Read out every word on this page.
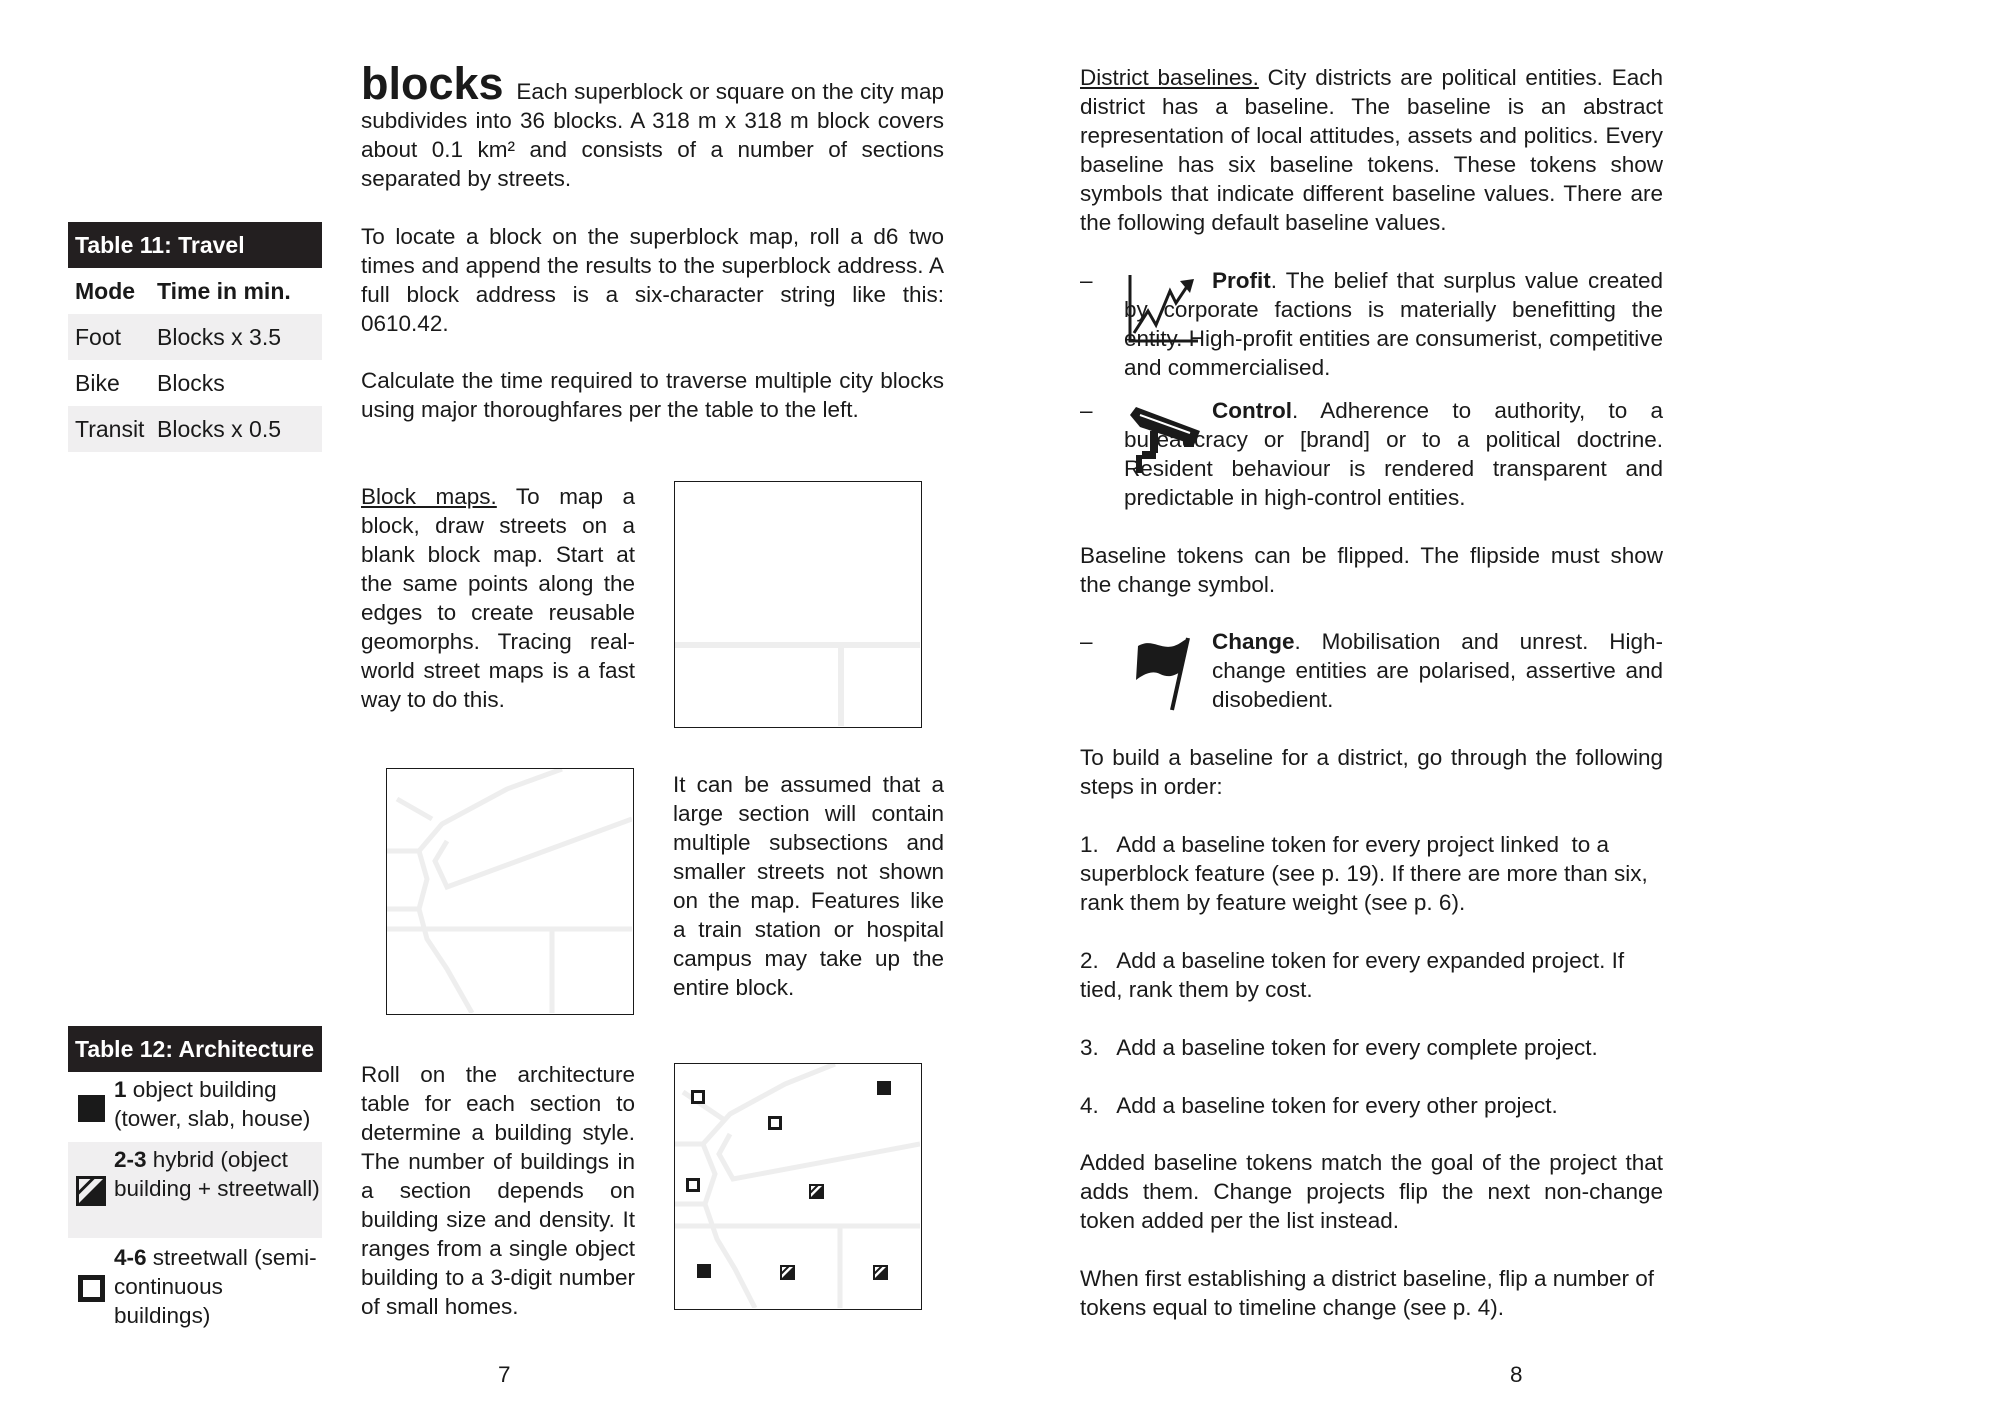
blocks Each superblock or square on the city map subdivides into 36 blocks. A 318 m x 318 m block covers about 0.1 km² and consists of a number of sections separated by streets.
To locate a block on the superblock map, roll a d6 two times and append the results to the superblock address. A full block address is a six-character string like this: 0610.42.
Calculate the time required to traverse multiple city blocks using major thoroughfares per the table to the left.
Block maps. To map a block, draw streets on a blank block map. Start at the same points along the edges to create reusable geomorphs. Tracing real-world street maps is a fast way to do this.
It can be assumed that a large section will contain multiple subsections and smaller streets not shown on the map. Features like a train station or hospital campus may take up the entire block.
Roll on the architecture table for each section to determine a building style. The number of buildings in a section depends on building size and density. It ranges from a single object building to a 3-digit number of small homes.
Table 11: Travel
Mode Time in min.
Foot	Blocks x 3.5
Bike	Blocks
Transit Blocks x 0.5
Table 12: Architecture
1 object building (tower, slab, house)
2-3 hybrid (object building + streetwall)
4-6 streetwall (semi-continuous buildings)
7
District baselines. City districts are political entities. Each district has a baseline. The baseline is an abstract representation of local attitudes, assets and politics. Every baseline has six baseline tokens. These tokens show symbols that indicate different baseline values. There are the following default baseline values.
–	Profit. The belief that surplus value created by corporate factions is materially benefitting the entity. High-profit entities are consumerist, competitive and commercialised.
–	Control. Adherence to authority, to a bureaucracy or [brand] or to a political doctrine. Resident behaviour is rendered transparent and predictable in high-control entities.
Baseline tokens can be flipped. The flipside must show the change symbol.
–	Change. Mobilisation and unrest. High-change entities are polarised, assertive and disobedient.
To build a baseline for a district, go through the following steps in order:
1.   Add a baseline token for every project linked  to a superblock feature (see p. 19). If there are more than six, rank them by feature weight (see p. 6).
2.   Add a baseline token for every expanded project. If tied, rank them by cost.
3.   Add a baseline token for every complete project.
4.   Add a baseline token for every other project.
Added baseline tokens match the goal of the project that adds them. Change projects flip the next non-change token added per the list instead.
When first establishing a district baseline, flip a number of tokens equal to timeline change (see p. 4).
8
